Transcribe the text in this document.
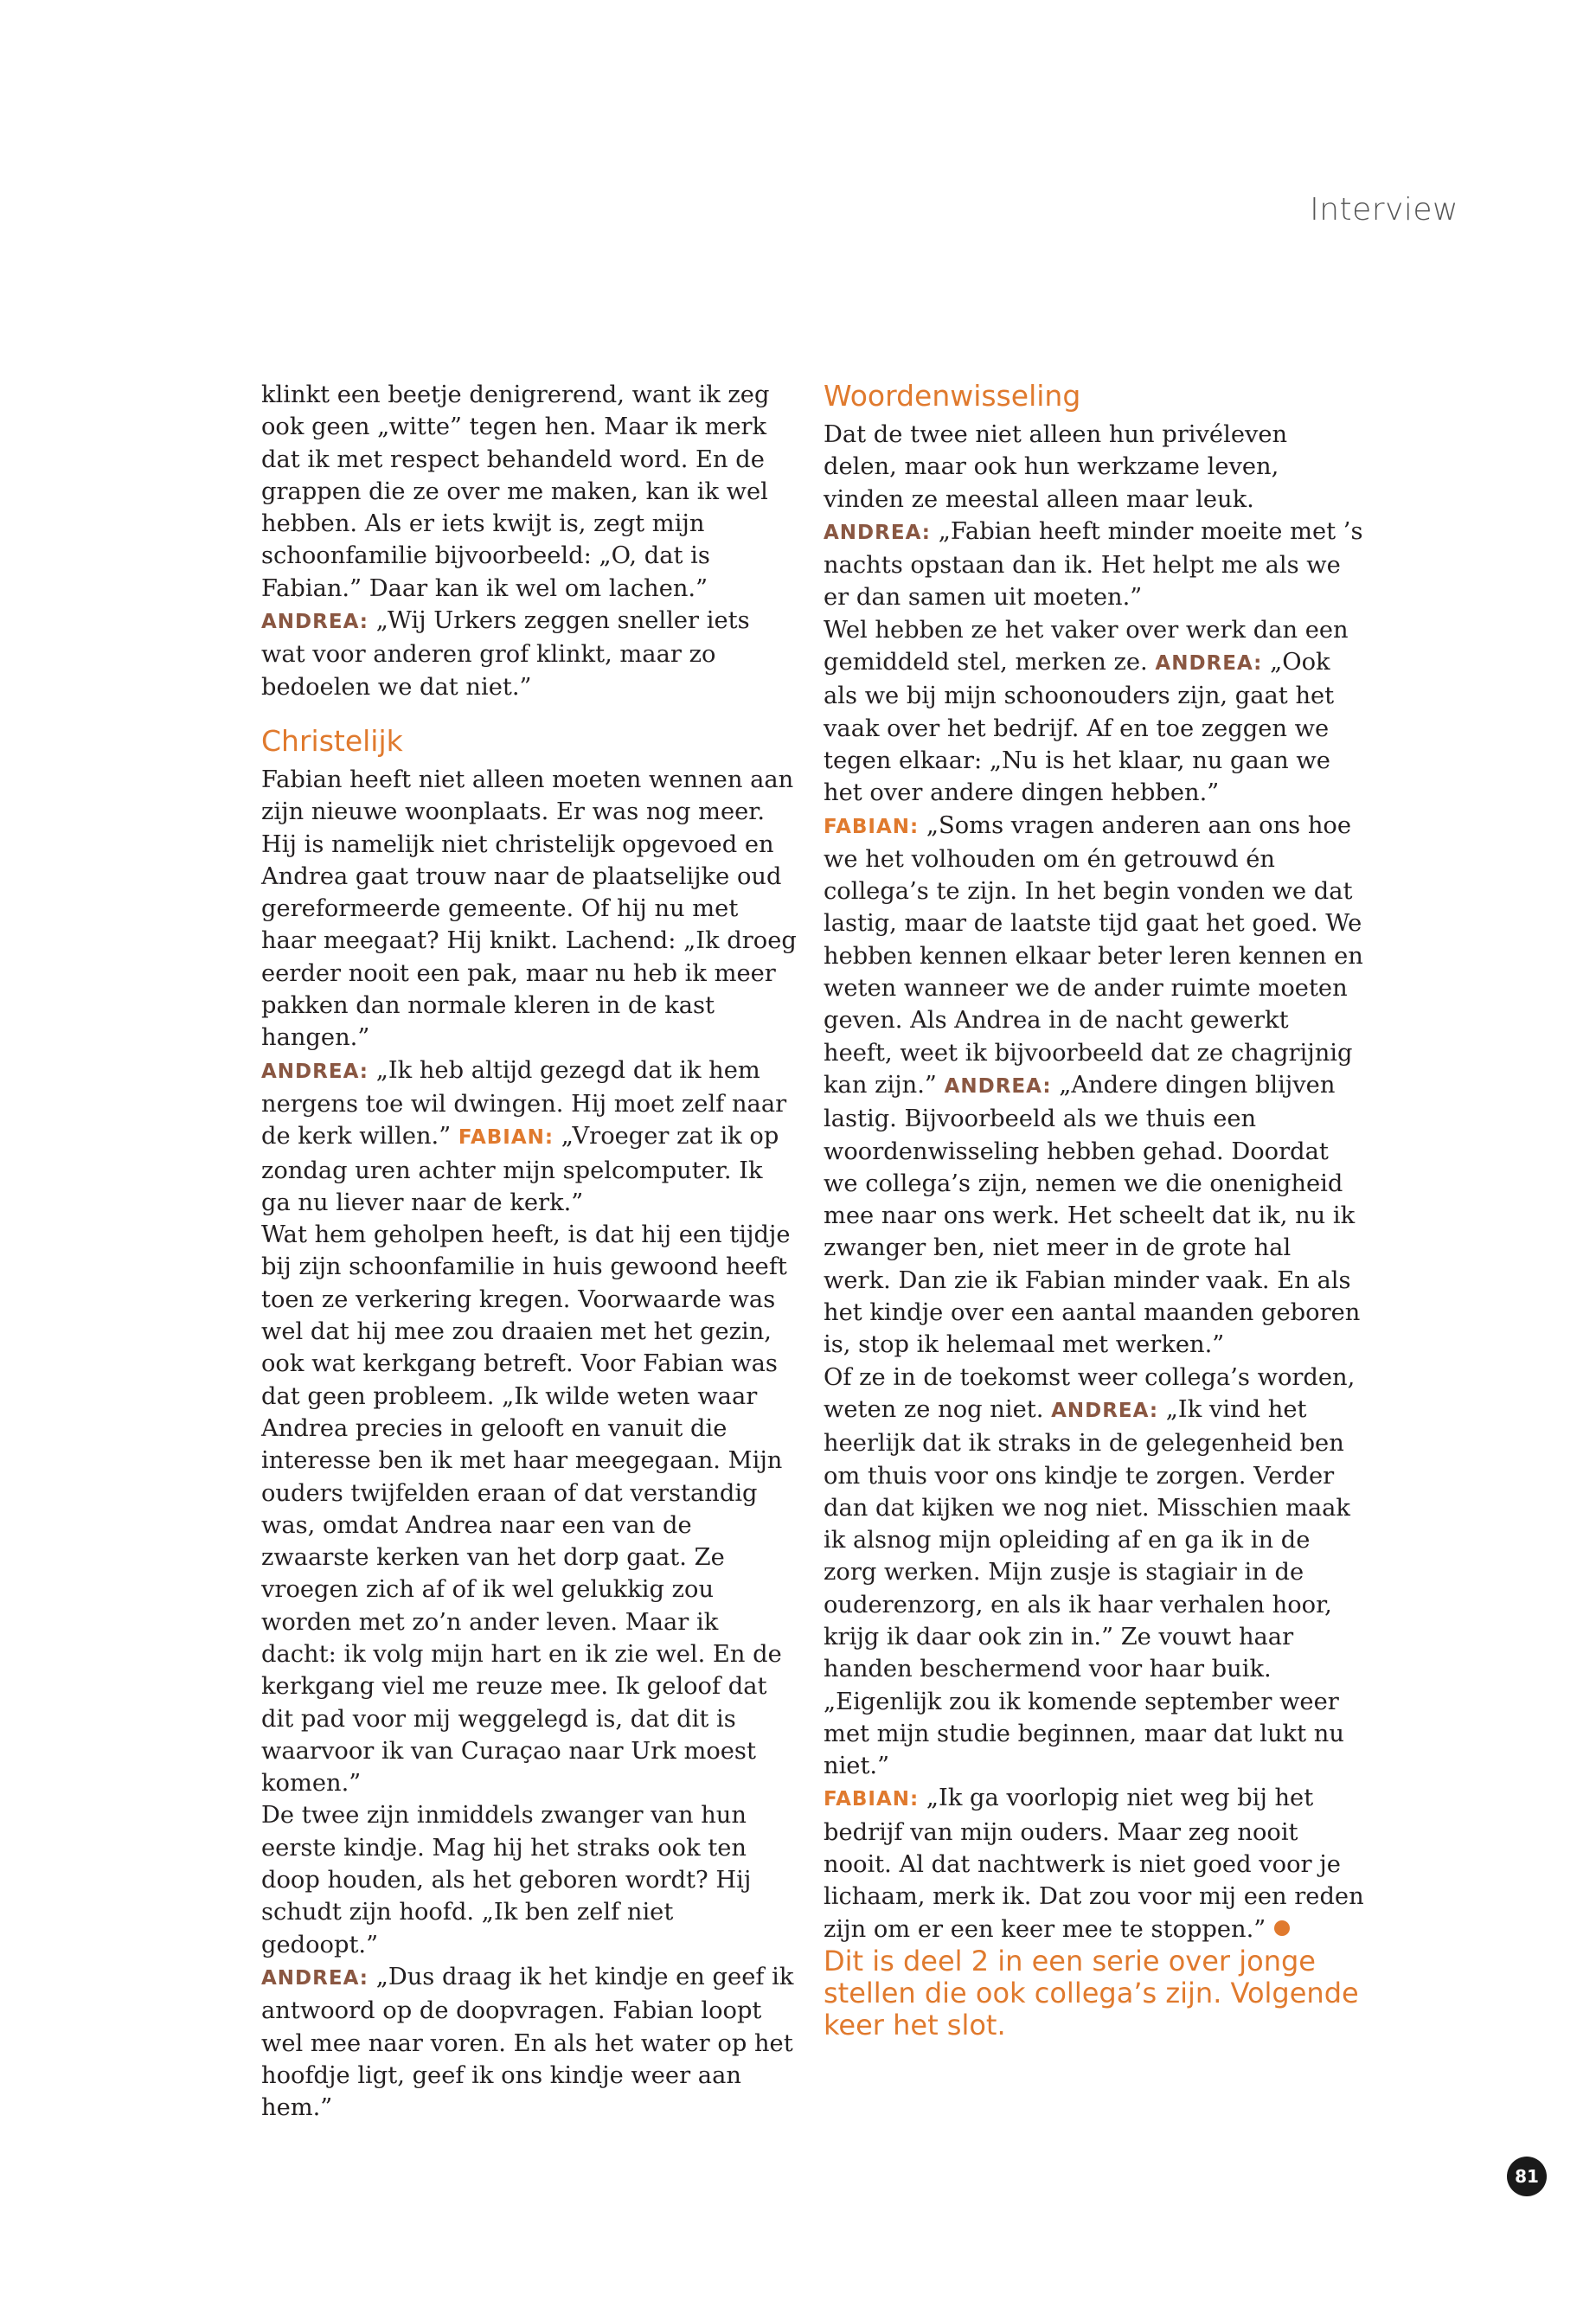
Interview

klinkt een beetje denigrerend, want ik zeg ook geen „witte” tegen hen. Maar ik merk dat ik met respect behandeld word. En de grappen die ze over me maken, kan ik wel hebben. Als er iets kwijt is, zegt mijn schoonfamilie bijvoorbeeld: „O, dat is Fabian.” Daar kan ik wel om lachen.” ANDREA: „Wij Urkers zeggen sneller iets wat voor anderen grof klinkt, maar zo bedoelen we dat niet.”

Christelijk

Fabian heeft niet alleen moeten wennen aan zijn nieuwe woonplaats. Er was nog meer. Hij is namelijk niet christelijk opgevoed en Andrea gaat trouw naar de plaatselijke oud gereformeerde gemeente. Of hij nu met haar meegaat? Hij knikt. Lachend: „Ik droeg eerder nooit een pak, maar nu heb ik meer pakken dan normale kleren in de kast hangen.”

ANDREA: „Ik heb altijd gezegd dat ik hem nergens toe wil dwingen. Hij moet zelf naar de kerk willen.” FABIAN: „Vroeger zat ik op zondag uren achter mijn spelcomputer. Ik ga nu liever naar de kerk.”

Wat hem geholpen heeft, is dat hij een tijdje bij zijn schoonfamilie in huis gewoond heeft toen ze verkering kregen. Voorwaarde was wel dat hij mee zou draaien met het gezin, ook wat kerkgang betreft. Voor Fabian was dat geen probleem. „Ik wilde weten waar Andrea precies in gelooft en vanuit die interesse ben ik met haar meegegaan. Mijn ouders twijfelden eraan of dat verstandig was, omdat Andrea naar een van de zwaarste kerken van het dorp gaat. Ze vroegen zich af of ik wel gelukkig zou worden met zo’n ander leven. Maar ik dacht: ik volg mijn hart en ik zie wel. En de kerkgang viel me reuze mee. Ik geloof dat dit pad voor mij weggelegd is, dat dit is waarvoor ik van Curaçao naar Urk moest komen.”

De twee zijn inmiddels zwanger van hun eerste kindje. Mag hij het straks ook ten doop houden, als het geboren wordt? Hij schudt zijn hoofd. „Ik ben zelf niet gedoopt.”

ANDREA: „Dus draag ik het kindje en geef ik antwoord op de doopvragen. Fabian loopt wel mee naar voren. En als het water op het hoofdje ligt, geef ik ons kindje weer aan hem.”

Woordenwisseling

Dat de twee niet alleen hun privéleven delen, maar ook hun werkzame leven, vinden ze meestal alleen maar leuk. ANDREA: „Fabian heeft minder moeite met ’s nachts opstaan dan ik. Het helpt me als we er dan samen uit moeten.”

Wel hebben ze het vaker over werk dan een gemiddeld stel, merken ze. ANDREA: „Ook als we bij mijn schoonouders zijn, gaat het vaak over het bedrijf. Af en toe zeggen we tegen elkaar: „Nu is het klaar, nu gaan we het over andere dingen hebben.”

FABIAN: „Soms vragen anderen aan ons hoe we het volhouden om én getrouwd én collega’s te zijn. In het begin vonden we dat lastig, maar de laatste tijd gaat het goed. We hebben kennen elkaar beter leren kennen en weten wanneer we de ander ruimte moeten geven. Als Andrea in de nacht gewerkt heeft, weet ik bijvoorbeeld dat ze chagrijnig kan zijn.” ANDREA: „Andere dingen blijven lastig. Bijvoorbeeld als we thuis een woordenwisseling hebben gehad. Doordat we collega’s zijn, nemen we die onenigheid mee naar ons werk. Het scheelt dat ik, nu ik zwanger ben, niet meer in de grote hal werk. Dan zie ik Fabian minder vaak. En als het kindje over een aantal maanden geboren is, stop ik helemaal met werken.”

Of ze in de toekomst weer collega’s worden, weten ze nog niet. ANDREA: „Ik vind het heerlijk dat ik straks in de gelegenheid ben om thuis voor ons kindje te zorgen. Verder dan dat kijken we nog niet. Misschien maak ik alsnog mijn opleiding af en ga ik in de zorg werken. Mijn zusje is stagiair in de ouderenzorg, en als ik haar verhalen hoor, krijg ik daar ook zin in.” Ze vouwt haar handen beschermend voor haar buik. „Eigenlijk zou ik komende september weer met mijn studie beginnen, maar dat lukt nu niet.”

FABIAN: „Ik ga voorlopig niet weg bij het bedrijf van mijn ouders. Maar zeg nooit nooit. Al dat nachtwerk is niet goed voor je lichaam, merk ik. Dat zou voor mij een reden zijn om er een keer mee te stoppen.”

Dit is deel 2 in een serie over jonge stellen die ook collega’s zijn. Volgende keer het slot.

81
